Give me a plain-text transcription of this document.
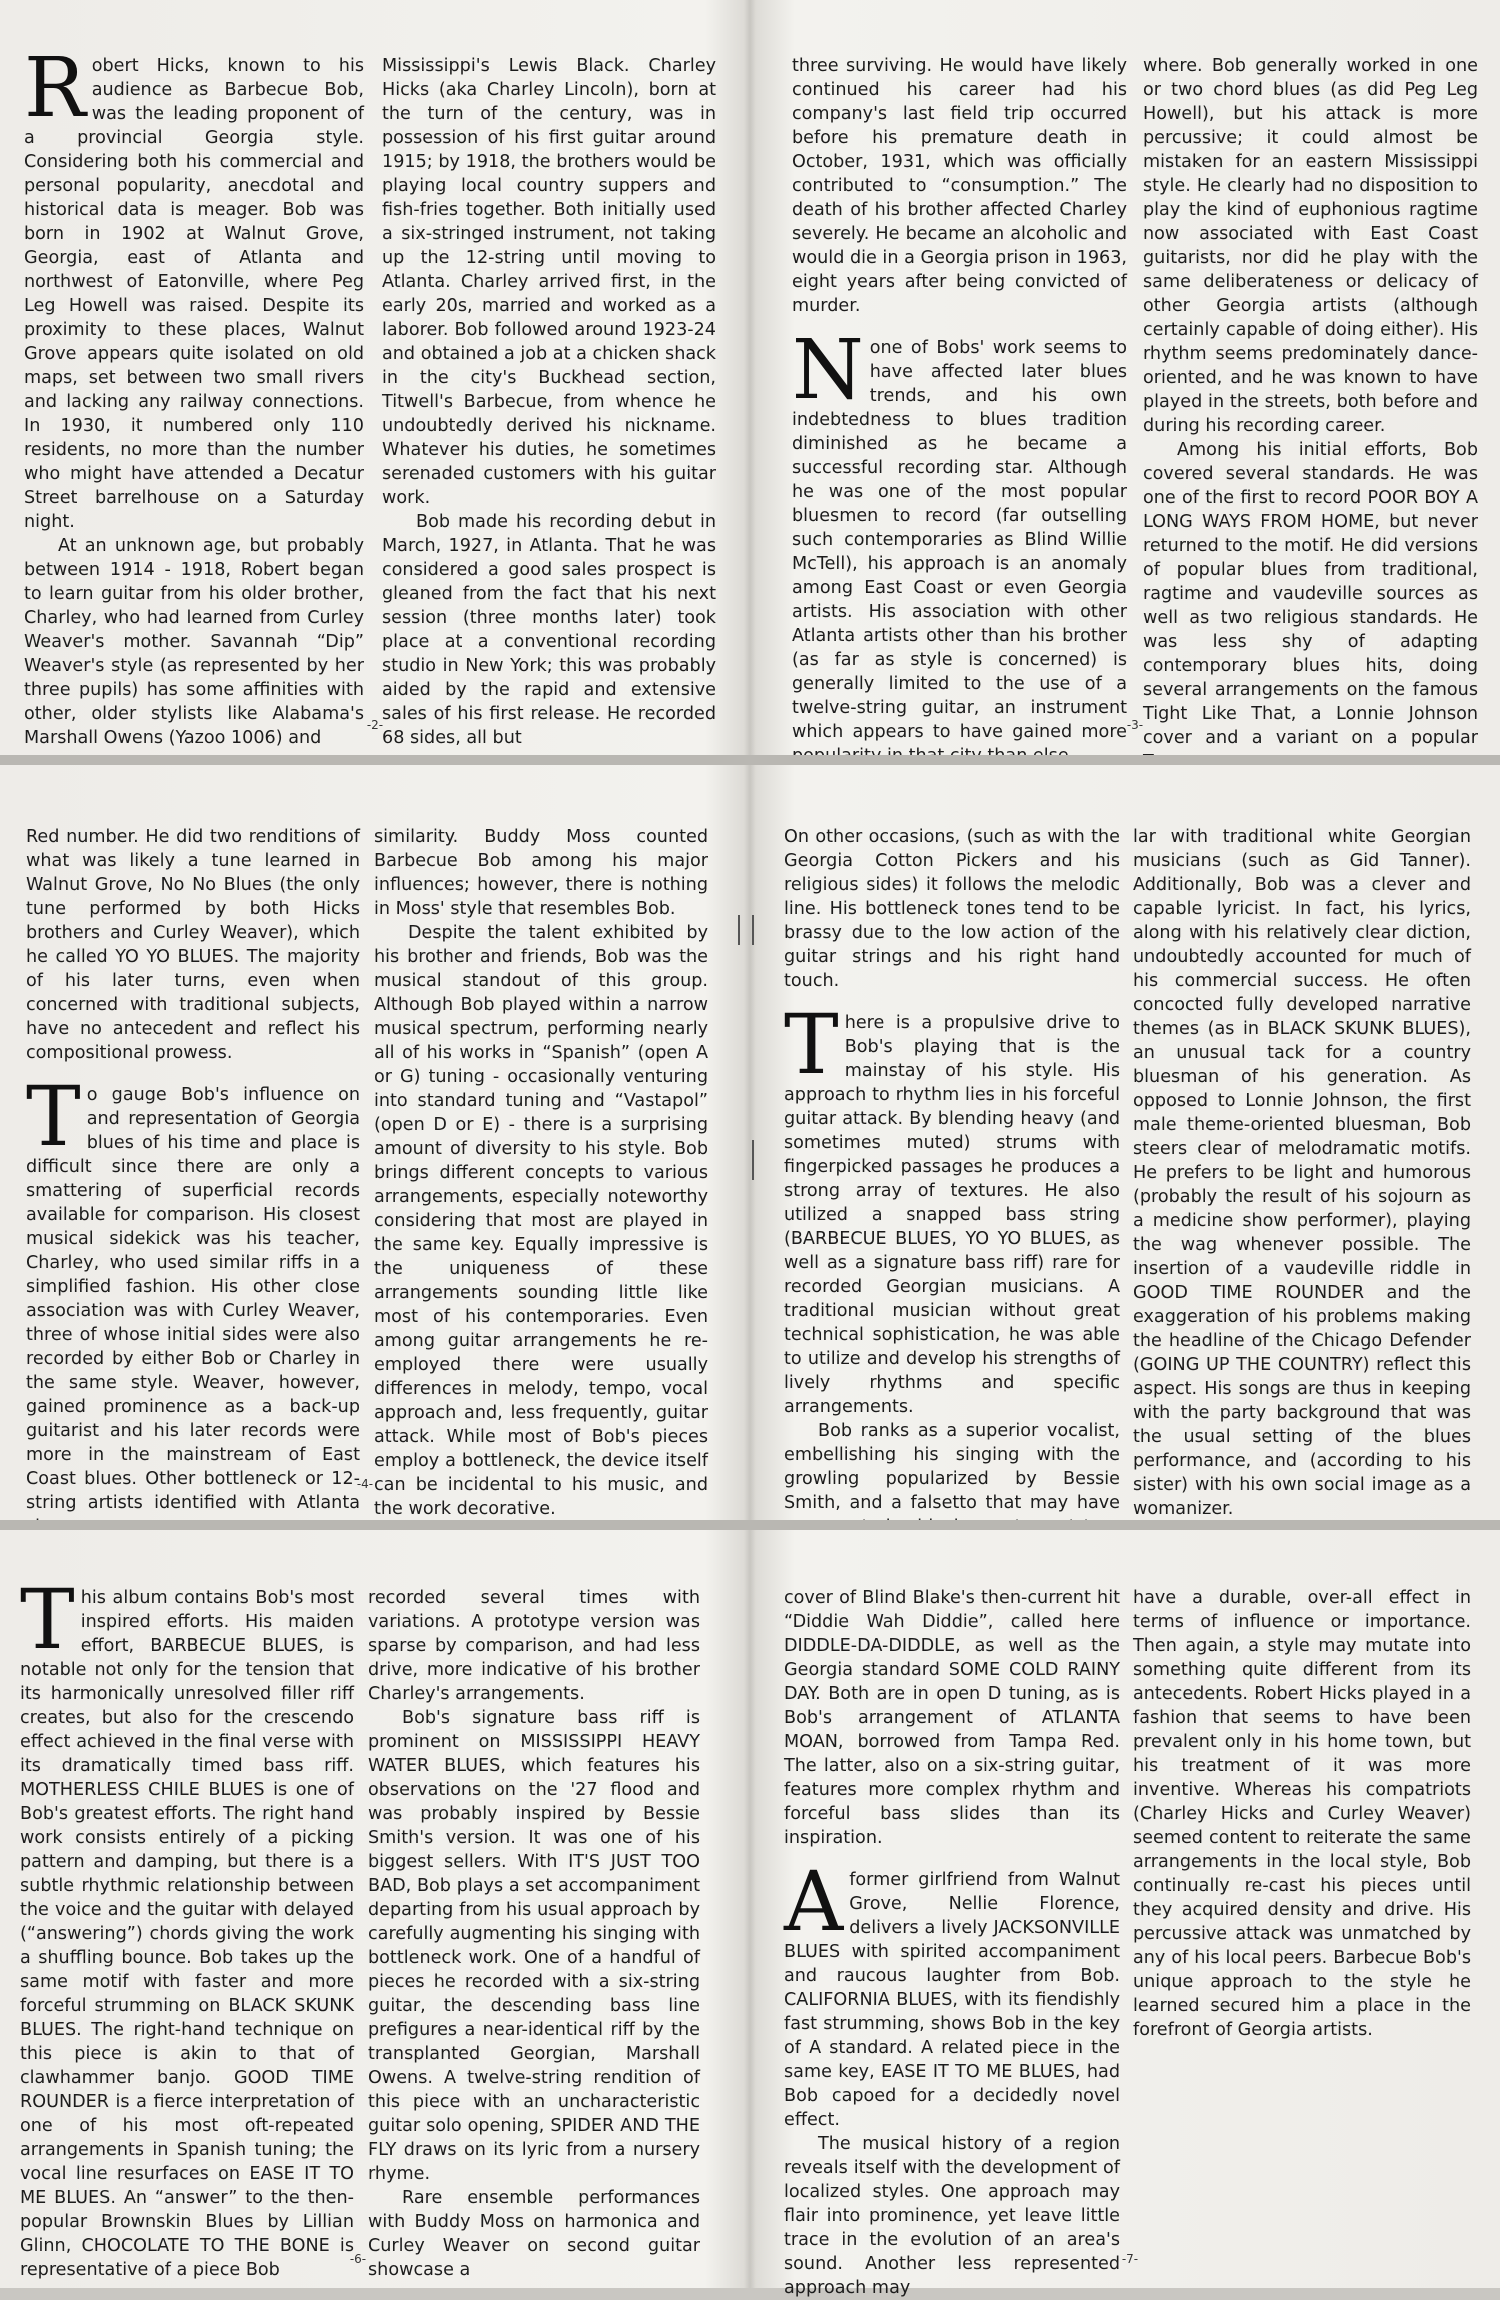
Robert Hicks, known to his audience as Barbecue Bob, was the leading proponent of a provincial Georgia style. Considering both his commercial and personal popularity, anecdotal and historical data is meager. Bob was born in 1902 at Walnut Grove, Georgia, east of Atlanta and northwest of Eatonville, where Peg Leg Howell was raised. Despite its proximity to these places, Walnut Grove appears quite isolated on old maps, set between two small rivers and lacking any railway connections. In 1930, it numbered only 110 residents, no more than the number who might have attended a Decatur Street barrelhouse on a Saturday night.

At an unknown age, but probably between 1914 - 1918, Robert began to learn guitar from his older brother, Charley, who had learned from Curley Weaver's mother. Savannah “Dip” Weaver's style (as represented by her three pupils) has some affinities with other, older stylists like Alabama's Marshall Owens (Yazoo 1006) and

Mississippi's Lewis Black. Charley Hicks (aka Charley Lincoln), born at the turn of the century, was in possession of his first guitar around 1915; by 1918, the brothers would be playing local country suppers and fish-fries together. Both initially used a six-stringed instrument, not taking up the 12-string until moving to Atlanta. Charley arrived first, in the early 20s, married and worked as a laborer. Bob followed around 1923-24 and obtained a job at a chicken shack in the city's Buckhead section, Titwell's Barbecue, from whence he undoubtedly derived his nickname. Whatever his duties, he sometimes serenaded customers with his guitar work.

Bob made his recording debut in March, 1927, in Atlanta. That he was considered a good sales prospect is gleaned from the fact that his next session (three months later) took place at a conventional recording studio in New York; this was probably aided by the rapid and extensive sales of his first release. He recorded 68 sides, all but

-2-

three surviving. He would have likely continued his career had his company's last field trip occurred before his premature death in October, 1931, which was officially contributed to “consumption.” The death of his brother affected Charley severely. He became an alcoholic and would die in a Georgia prison in 1963, eight years after being convicted of murder.

None of Bobs' work seems to have affected later blues trends, and his own indebtedness to blues tradition diminished as he became a successful recording star. Although he was one of the most popular bluesmen to record (far outselling such contemporaries as Blind Willie McTell), his approach is an anomaly among East Coast or even Georgia artists. His association with other Atlanta artists other than his brother (as far as style is concerned) is generally limited to the use of a twelve-string guitar, an instrument which appears to have gained more

where. Bob generally worked in one or two chord blues (as did Peg Leg Howell), but his attack is more percussive; it could almost be mistaken for an eastern Mississippi style. He clearly had no disposition to play the kind of euphonious ragtime now associated with East Coast guitarists, nor did he play with the same deliberateness or delicacy of other Georgia artists (although certainly capable of doing either). His rhythm seems predominately dance-oriented, and he was known to have played in the streets, both before and during his recording career.

Among his initial efforts, Bob covered several standards. He was one of the first to record POOR BOY A LONG WAYS FROM HOME, but never returned to the motif. He did versions of popular blues from traditional, ragtime and vaudeville sources as well as two religious standards. He was less shy of adapting contemporary blues hits, doing several arrangements on the famous Tight Like That, a Lonnie Johnson cover and a variant on a popular

-3-

Red number. He did two renditions of what was likely a tune learned in Walnut Grove, No No Blues (the only tune performed by both Hicks brothers and Curley Weaver), which he called YO YO BLUES. The majority of his later turns, even when concerned with traditional subjects, have no antecedent and reflect his compositional prowess.

To gauge Bob's influence on and representation of Georgia blues of his time and place is difficult since there are only a smattering of superficial records available for comparison. His closest musical sidekick was his teacher, Charley, who used similar riffs in a simplified fashion. His other close association was with Curley Weaver, three of whose initial sides were also recorded by either Bob or Charley in the same style. Weaver, however, gained prominence as a back-up guitarist and his later records were more in the mainstream of East Coast blues. Other bottleneck or 12-string artists identified with Atlanta

similarity. Buddy Moss counted Barbecue Bob among his major influences; however, there is nothing in Moss' style that resembles Bob.

Despite the talent exhibited by his brother and friends, Bob was the musical standout of this group. Although Bob played within a narrow musical spectrum, performing nearly all of his works in “Spanish” (open A or G) tuning - occasionally venturing into standard tuning and “Vastapol” (open D or E) - there is a surprising amount of diversity to his style. Bob brings different concepts to various arrangements, especially noteworthy considering that most are played in the same key. Equally impressive is the uniqueness of these arrangements sounding little like most of his contemporaries. Even among guitar arrangements he re-employed there were usually differences in melody, tempo, vocal approach and, less frequently, guitar attack. While most of Bob's pieces employ a bottleneck, the device itself can be incidental to his music, and the work decorative.

-4-

On other occasions, (such as with the Georgia Cotton Pickers and his religious sides) it follows the melodic line. His bottleneck tones tend to be brassy due to the low action of the guitar strings and his right hand touch.

There is a propulsive drive to Bob's playing that is the mainstay of his style. His approach to rhythm lies in his forceful guitar attack. By blending heavy (and sometimes muted) strums with fingerpicked passages he produces a strong array of textures. He also utilized a snapped bass string (BARBECUE BLUES, YO YO BLUES, as well as a signature bass riff) rare for recorded Georgian musicians. A traditional musician without great technical sophistication, he was able to utilize and develop his strengths of lively rhythms and specific arrangements.

Bob ranks as a superior vocalist, embellishing his singing with the growling popularized by Bessie Smith, and a falsetto that may have

lar with traditional white Georgian musicians (such as Gid Tanner). Additionally, Bob was a clever and capable lyricist. In fact, his lyrics, along with his relatively clear diction, undoubtedly accounted for much of his commercial success. He often concocted fully developed narrative themes (as in BLACK SKUNK BLUES), an unusual tack for a country bluesman of his generation. As opposed to Lonnie Johnson, the first male theme-oriented bluesman, Bob steers clear of melodramatic motifs. He prefers to be light and humorous (probably the result of his sojourn as a medicine show performer), playing the wag whenever possible. The insertion of a vaudeville riddle in GOOD TIME ROUNDER and the exaggeration of his problems making the headline of the Chicago Defender (GOING UP THE COUNTRY) reflect this aspect. His songs are thus in keeping with the party background that was the usual setting of the blues performance, and (according to his sister) with his own social image as a womanizer.

This album contains Bob's most inspired efforts. His maiden effort, BARBECUE BLUES, is notable not only for the tension that its harmonically unresolved filler riff creates, but also for the crescendo effect achieved in the final verse with its dramatically timed bass riff. MOTHERLESS CHILE BLUES is one of Bob's greatest efforts. The right hand work consists entirely of a picking pattern and damping, but there is a subtle rhythmic relationship between the voice and the guitar with delayed (“answering”) chords giving the work a shuffling bounce. Bob takes up the same motif with faster and more forceful strumming on BLACK SKUNK BLUES. The right-hand technique on this piece is akin to that of clawhammer banjo. GOOD TIME ROUNDER is a fierce interpretation of one of his most oft-repeated arrangements in Spanish tuning; the vocal line resurfaces on EASE IT TO ME BLUES. An “answer” to the then-popular Brownskin Blues by Lillian Glinn, CHOCOLATE TO THE BONE is representative of a piece Bob

recorded several times with variations. A prototype version was sparse by comparison, and had less drive, more indicative of his brother Charley's arrangements.

Bob's signature bass riff is prominent on MISSISSIPPI HEAVY WATER BLUES, which features his observations on the '27 flood and was probably inspired by Bessie Smith's version. It was one of his biggest sellers. With IT'S JUST TOO BAD, Bob plays a set accompaniment departing from his usual approach by carefully augmenting his singing with bottleneck work. One of a handful of pieces he recorded with a six-string guitar, the descending bass line prefigures a near-identical riff by the transplanted Georgian, Marshall Owens. A twelve-string rendition of this piece with an uncharacteristic guitar solo opening, SPIDER AND THE FLY draws on its lyric from a nursery rhyme.

Rare ensemble performances with Buddy Moss on harmonica and Curley Weaver on second guitar showcase a

-6-

cover of Blind Blake's then-current hit “Diddie Wah Diddie”, called here DIDDLE-DA-DIDDLE, as well as the Georgia standard SOME COLD RAINY DAY. Both are in open D tuning, as is Bob's arrangement of ATLANTA MOAN, borrowed from Tampa Red. The latter, also on a six-string guitar, features more complex rhythm and forceful bass slides than its inspiration.

Aformer girlfriend from Walnut Grove, Nellie Florence, delivers a lively JACKSONVILLE BLUES with spirited accompaniment and raucous laughter from Bob. CALIFORNIA BLUES, with its fiendishly fast strumming, shows Bob in the key of A standard. A related piece in the same key, EASE IT TO ME BLUES, had Bob capoed for a decidedly novel effect.

The musical history of a region reveals itself with the development of localized styles. One approach may flair into prominence, yet leave little trace in the evolution of an area's sound. Another less represented approach may

have a durable, over-all effect in terms of influence or importance. Then again, a style may mutate into something quite different from its antecedents. Robert Hicks played in a fashion that seems to have been prevalent only in his home town, but his treatment of it was more inventive. Whereas his compatriots (Charley Hicks and Curley Weaver) seemed content to reiterate the same arrangements in the local style, Bob continually re-cast his pieces until they acquired density and drive. His percussive attack was unmatched by any of his local peers. Barbecue Bob's unique approach to the style he learned secured him a place in the forefront of Georgia artists.

-7-
